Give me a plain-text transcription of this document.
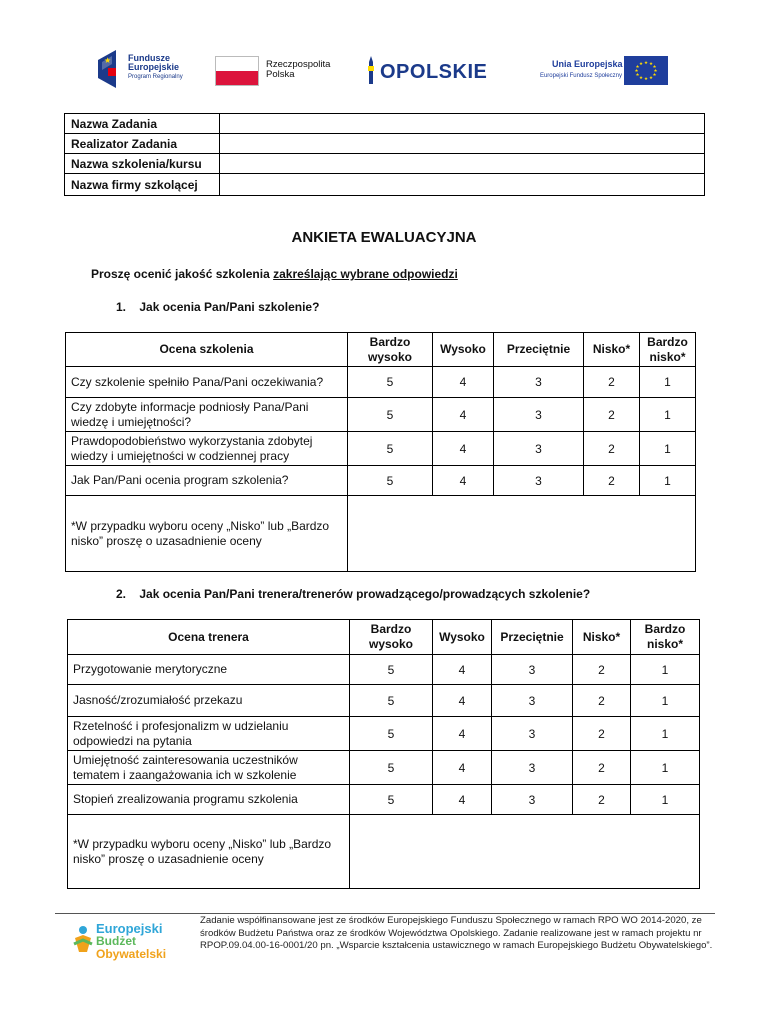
★ Fundusze
Europejskie
Program Regionalny
Rzeczpospolita
Polska	OPOLSKIE	Unia Europejska
Europejski Fundusz Społeczny
★ ★
★
★
★
★
★
★
★
★
★
★
Nazwa Zadania	
Realizator Zadania	
Nazwa szkolenia/kursu	
Nazwa firmy szkolącej	
ANKIETA EWALUACYJNA
Proszę ocenić jakość szkolenia zakreślając wybrane odpowiedzi
1.    Jak ocenia Pan/Pani szkolenie?
Ocena szkolenia	Bardzo wysoko	Wysoko	Przeciętnie	Nisko*	Bardzo nisko*
Czy szkolenie spełniło Pana/Pani oczekiwania?	5	4	3	2	1
Czy zdobyte informacje podniosły Pana/Pani wiedzę i umiejętności?	5	4	3	2	1
Prawdopodobieństwo wykorzystania zdobytej wiedzy i umiejętności w codziennej pracy	5	4	3	2	1
Jak Pan/Pani ocenia program szkolenia?	5	4	3	2	1
*W przypadku wyboru oceny „Nisko” lub „Bardzo nisko” proszę o uzasadnienie oceny					
2.    Jak ocenia Pan/Pani trenera/trenerów prowadzącego/prowadzących szkolenie?
Ocena trenera	Bardzo wysoko	Wysoko	Przeciętnie	Nisko*	Bardzo nisko*
Przygotowanie merytoryczne	5	4	3	2	1
Jasność/zrozumiałość przekazu	5	4	3	2	1
Rzetelność i profesjonalizm w udzielaniu odpowiedzi na pytania	5	4	3	2	1
Umiejętność zainteresowania uczestników tematem i zaangażowania ich w szkolenie	5	4	3	2	1
Stopień zrealizowania programu szkolenia	5	4	3	2	1
*W przypadku wyboru oceny „Nisko” lub „Bardzo nisko” proszę o uzasadnienie oceny					
Europejski
Budżet
Obywatelski
Zadanie współfinansowane jest ze środków Europejskiego Funduszu Społecznego w ramach RPO WO 2014-2020, ze środków Budżetu Państwa oraz ze środków Województwa Opolskiego. Zadanie realizowane jest w ramach projektu nr RPOP.09.04.00-16-0001/20 pn. „Wsparcie kształcenia ustawicznego w ramach Europejskiego Budżetu Obywatelskiego”.
